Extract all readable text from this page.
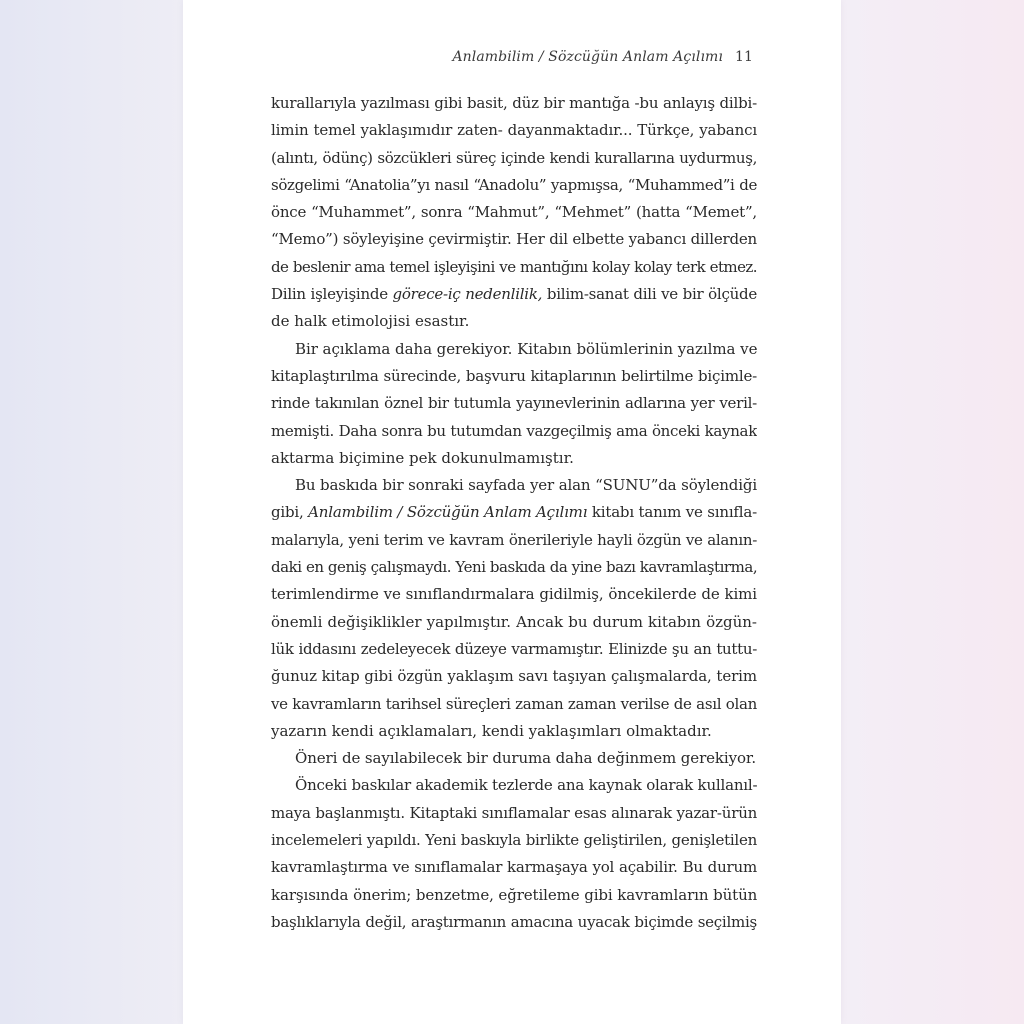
Anlambilim / Sözcüğün Anlam Açılımı 11
kurallarıyla yazılması gibi basit, düz bir mantığa -bu anlayış dilbi-
limin temel yaklaşımıdır zaten- dayanmaktadır... Türkçe, yabancı
(alıntı, ödünç) sözcükleri süreç içinde kendi kurallarına uydurmuş,
sözgelimi “Anatolia”yı nasıl “Anadolu” yapmışsa, “Muhammed”i de
önce “Muhammet”, sonra “Mahmut”, “Mehmet” (hatta “Memet”,
“Memo”) söyleyişine çevirmiştir. Her dil elbette yabancı dillerden
de beslenir ama temel işleyişini ve mantığını kolay kolay terk etmez.
Dilin işleyişinde görece-iç nedenlilik, bilim-sanat dili ve bir ölçüde
de halk etimolojisi esastır.
Bir açıklama daha gerekiyor. Kitabın bölümlerinin yazılma ve
kitaplaştırılma sürecinde, başvuru kitaplarının belirtilme biçimle-
rinde takınılan öznel bir tutumla yayınevlerinin adlarına yer veril-
memişti. Daha sonra bu tutumdan vazgeçilmiş ama önceki kaynak
aktarma biçimine pek dokunulmamıştır.
Bu baskıda bir sonraki sayfada yer alan “SUNU”da söylendiği
gibi, Anlambilim / Sözcüğün Anlam Açılımı kitabı tanım ve sınıfla-
malarıyla, yeni terim ve kavram önerileriyle hayli özgün ve alanın-
daki en geniş çalışmaydı. Yeni baskıda da yine bazı kavramlaştırma,
terimlendirme ve sınıflandırmalara gidilmiş, öncekilerde de kimi
önemli değişiklikler yapılmıştır. Ancak bu durum kitabın özgün-
lük iddasını zedeleyecek düzeye varmamıştır. Elinizde şu an tuttu-
ğunuz kitap gibi özgün yaklaşım savı taşıyan çalışmalarda, terim
ve kavramların tarihsel süreçleri zaman zaman verilse de asıl olan
yazarın kendi açıklamaları, kendi yaklaşımları olmaktadır.
Öneri de sayılabilecek bir duruma daha değinmem gerekiyor.
Önceki baskılar akademik tezlerde ana kaynak olarak kullanıl-
maya başlanmıştı. Kitaptaki sınıflamalar esas alınarak yazar-ürün
incelemeleri yapıldı. Yeni baskıyla birlikte geliştirilen, genişletilen
kavramlaştırma ve sınıflamalar karmaşaya yol açabilir. Bu durum
karşısında önerim; benzetme, eğretileme gibi kavramların bütün
başlıklarıyla değil, araştırmanın amacına uyacak biçimde seçilmiş
